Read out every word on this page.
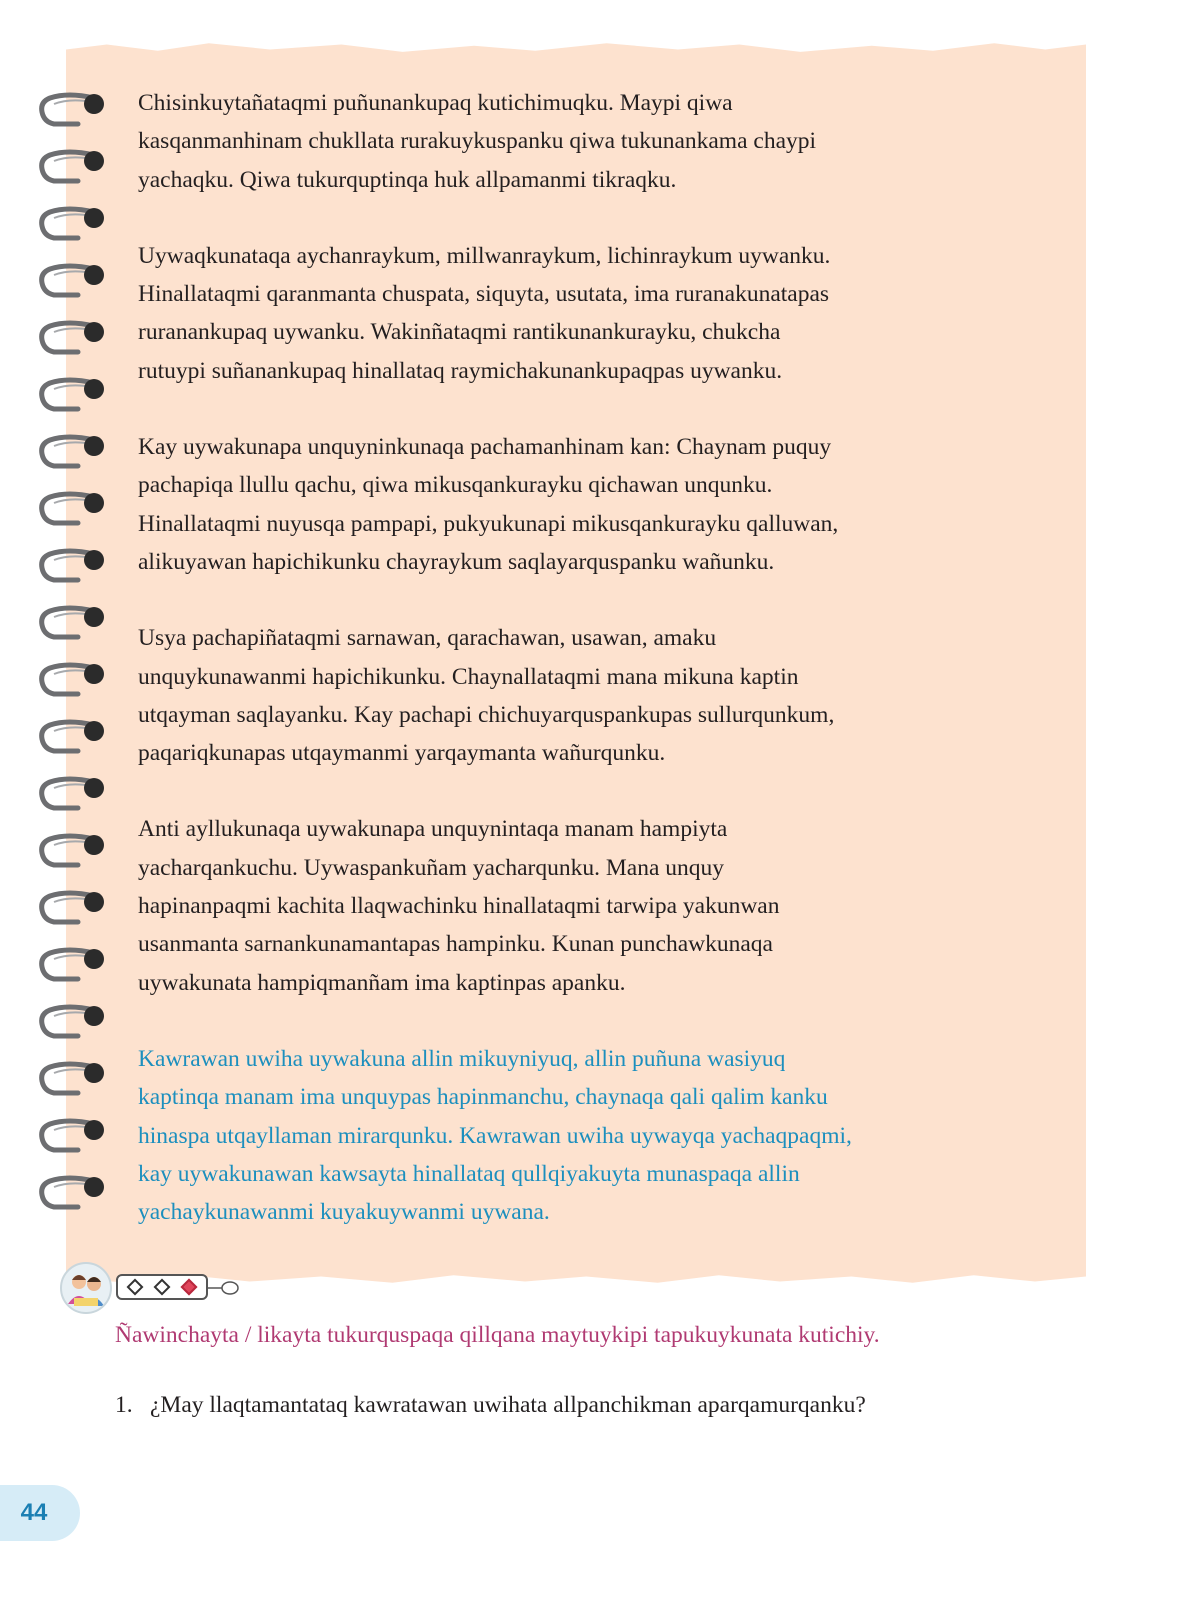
Chisinkuytañataqmi puñunankupaq kutichimuqku. Maypi qiwa
kasqanmanhinam chukllata rurakuykuspanku qiwa tukunankama chaypi
yachaqku. Qiwa tukurquptinqa huk allpamanmi tikraqku.

Uywaqkunataqa aychanraykum, millwanraykum, lichinraykum uywanku.
Hinallataqmi qaranmanta chuspata, siquyta, usutata, ima ruranakunatapas
ruranankupaq uywanku. Wakinñataqmi rantikunankurayku, chukcha
rutuypi suñanankupaq hinallataq raymichakunankupaqpas uywanku.

Kay uywakunapa unquyninkunaqa pachamanhinam kan: Chaynam puquy
pachapiqa llullu qachu, qiwa mikusqankurayku qichawan unqunku.
Hinallataqmi nuyusqa pampapi, pukyukunapi mikusqankurayku qalluwan,
alikuyawan hapichikunku chayraykum saqlayarquspanku wañunku.

Usya pachapiñataqmi sarnawan, qarachawan, usawan, amaku
unquykunawanmi hapichikunku. Chaynallataqmi mana mikuna kaptin
utqayman saqlayanku. Kay pachapi chichuyarquspankupas sullurqunkum,
paqariqkunapas utqaymanmi yarqaymanta wañurqunku.

Anti ayllukunaqa uywakunapa unquynintaqa manam hampiyta
yacharqankuchu. Uywaspankuñam yacharqunku. Mana unquy
hapinanpaqmi kachita llaqwachinku hinallataqmi tarwipa yakunwan
usanmanta sarnankunamantapas hampinku. Kunan punchawkunaqa
uywakunata hampiqmanñam ima kaptinpas apanku.

Kawrawan uwiha uywakuna allin mikuyniyuq, allin puñuna wasiyuq
kaptinqa manam ima unquypas hapinmanchu, chaynaqa qali qalim kanku
hinaspa utqayllaman mirarqunku. Kawrawan uwiha uywayqa yachaqpaqmi,
kay uywakunawan kawsayta hinallataq qullqiyakuyta munaspaqa allin
yachaykunawanmi kuyakuywanmi uywana.

Ñawinchayta / likayta tukurquspaqa qillqana maytuykipi tapukuykunata kutichiy.
1. ¿May llaqtamantataq kawratawan uwihata allpanchikman aparqamurqanku?
44
